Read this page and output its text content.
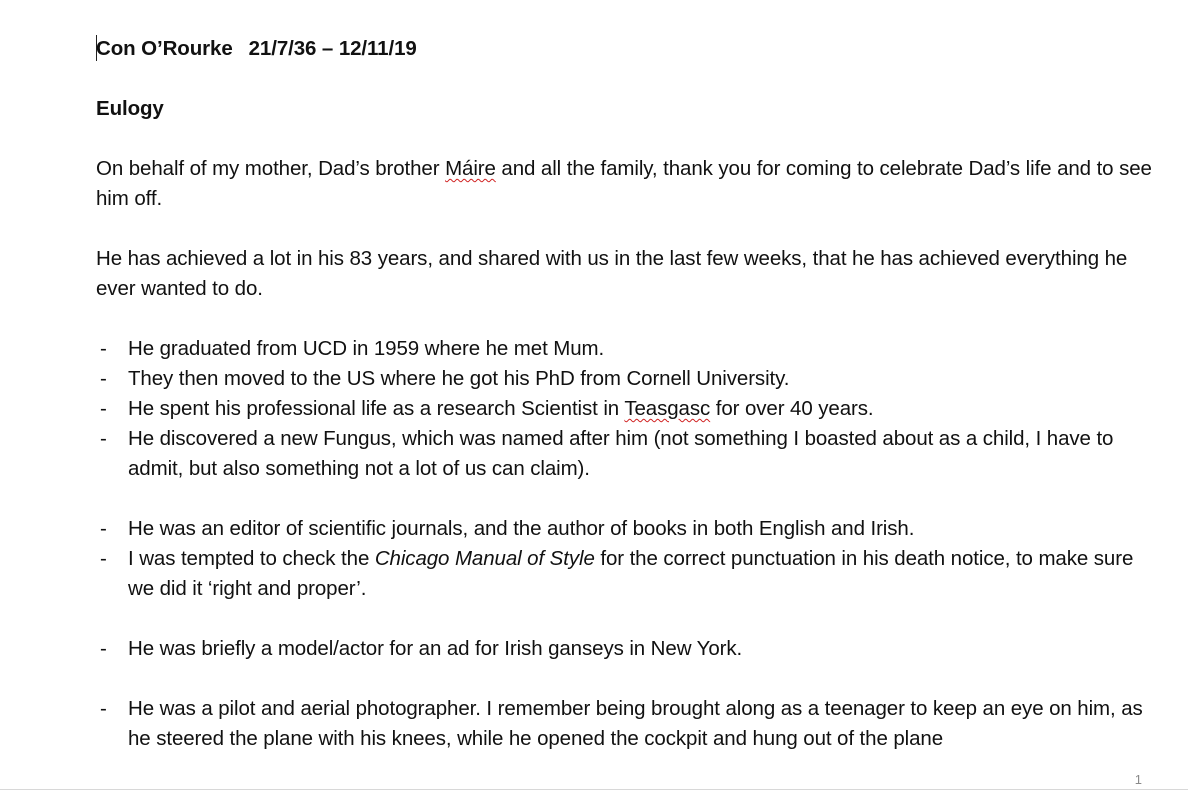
Con O’Rourke 21/7/36 – 12/11/19

Eulogy

On behalf of my mother, Dad’s brother Máire and all the family, thank you for coming to celebrate Dad’s life and to see him off.

He has achieved a lot in his 83 years, and shared with us in the last few weeks, that he has achieved everything he ever wanted to do.

- He graduated from UCD in 1959 where he met Mum.

- They then moved to the US where he got his PhD from Cornell University.

- He spent his professional life as a research Scientist in Teasgasc for over 40 years.

- He discovered a new Fungus, which was named after him (not something I boasted about as a child, I have to admit, but also something not a lot of us can claim).

- He was an editor of scientific journals, and the author of books in both English and Irish.

- I was tempted to check the Chicago Manual of Style for the correct punctuation in his death notice, to make sure we did it ‘right and proper’.

- He was briefly a model/actor for an ad for Irish ganseys in New York.

- He was a pilot and aerial photographer. I remember being brought along as a teenager to keep an eye on him, as he steered the plane with his knees, while he opened the cockpit and hung out of the plane

1
